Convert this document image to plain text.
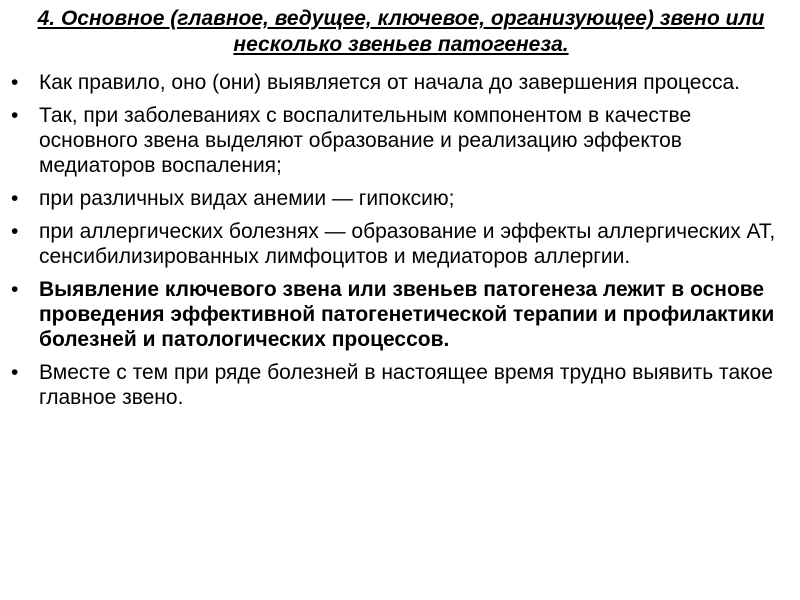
4. Основное (главное, ведущее, ключевое, организующее) звено или несколько звеньев патогенеза.
• Как правило, оно (они) выявляется от начала до завершения процесса.
• Так, при заболеваниях с воспалительным компонентом в качестве основного звена выделяют образование и реализацию эффектов медиаторов воспаления;
• при различных видах анемии — гипоксию;
• при аллергических болезнях — образование и эффекты аллергических АТ, сенсибилизированных лимфоцитов и медиаторов аллергии.
• Выявление ключевого звена или звеньев патогенеза лежит в основе проведения эффективной патогенетической терапии и профилактики болезней и патологических процессов.
• Вместе с тем при ряде болезней в настоящее время трудно выявить такое главное звено.
